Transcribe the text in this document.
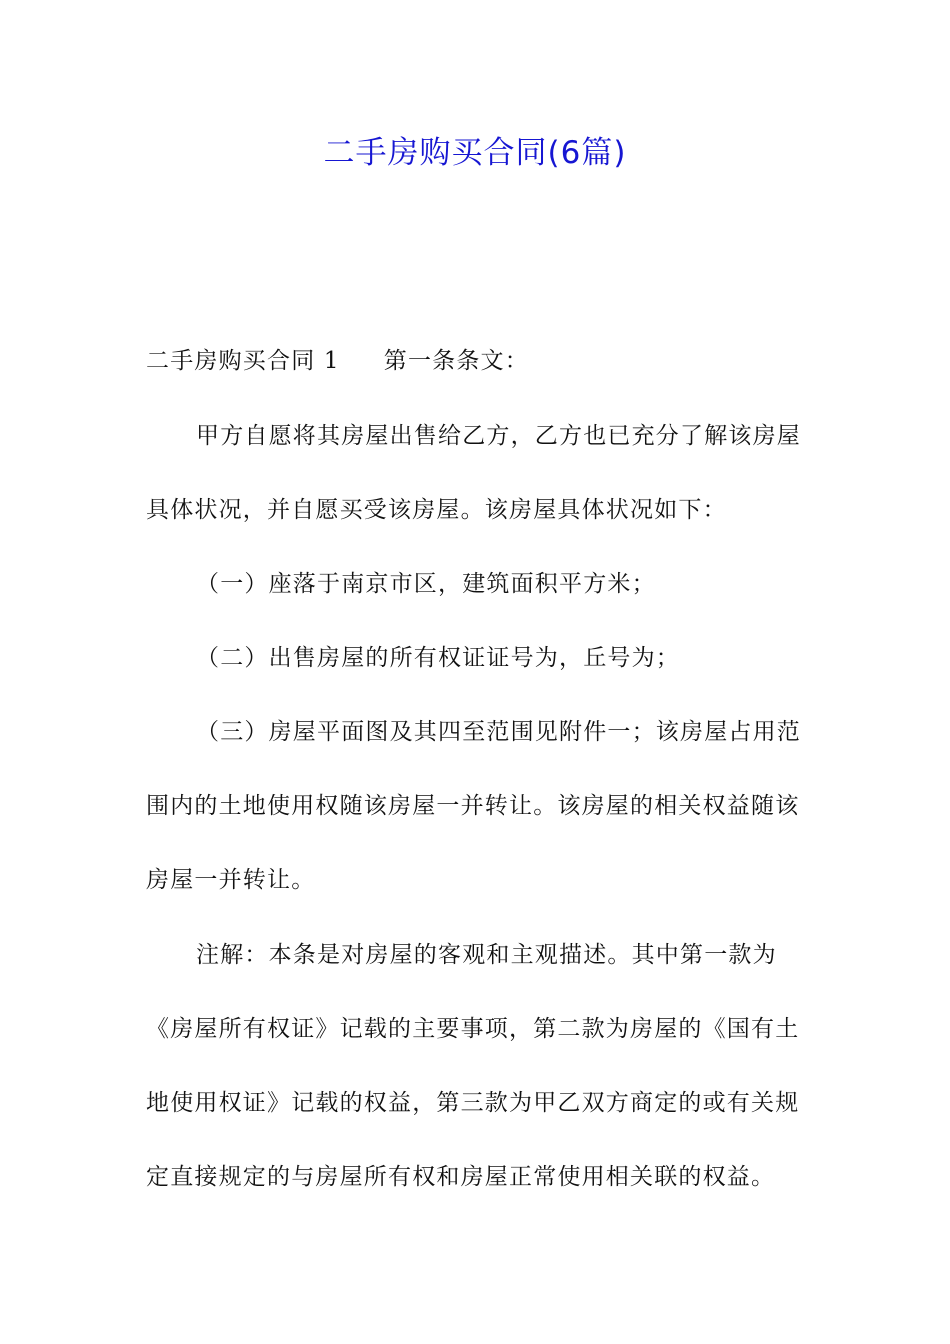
二手房购买合同(6篇)
二手房购买合同 1 第一条条文：
甲方自愿将其房屋出售给乙方，乙方也已充分了解该房屋
具体状况，并自愿买受该房屋。该房屋具体状况如下：
（一）座落于南京市区，建筑面积平方米；
（二）出售房屋的所有权证证号为，丘号为；
（三）房屋平面图及其四至范围见附件一；该房屋占用范
围内的土地使用权随该房屋一并转让。该房屋的相关权益随该
房屋一并转让。
注解：本条是对房屋的客观和主观描述。其中第一款为
《房屋所有权证》记载的主要事项，第二款为房屋的《国有土
地使用权证》记载的权益，第三款为甲乙双方商定的或有关规
定直接规定的与房屋所有权和房屋正常使用相关联的权益。
